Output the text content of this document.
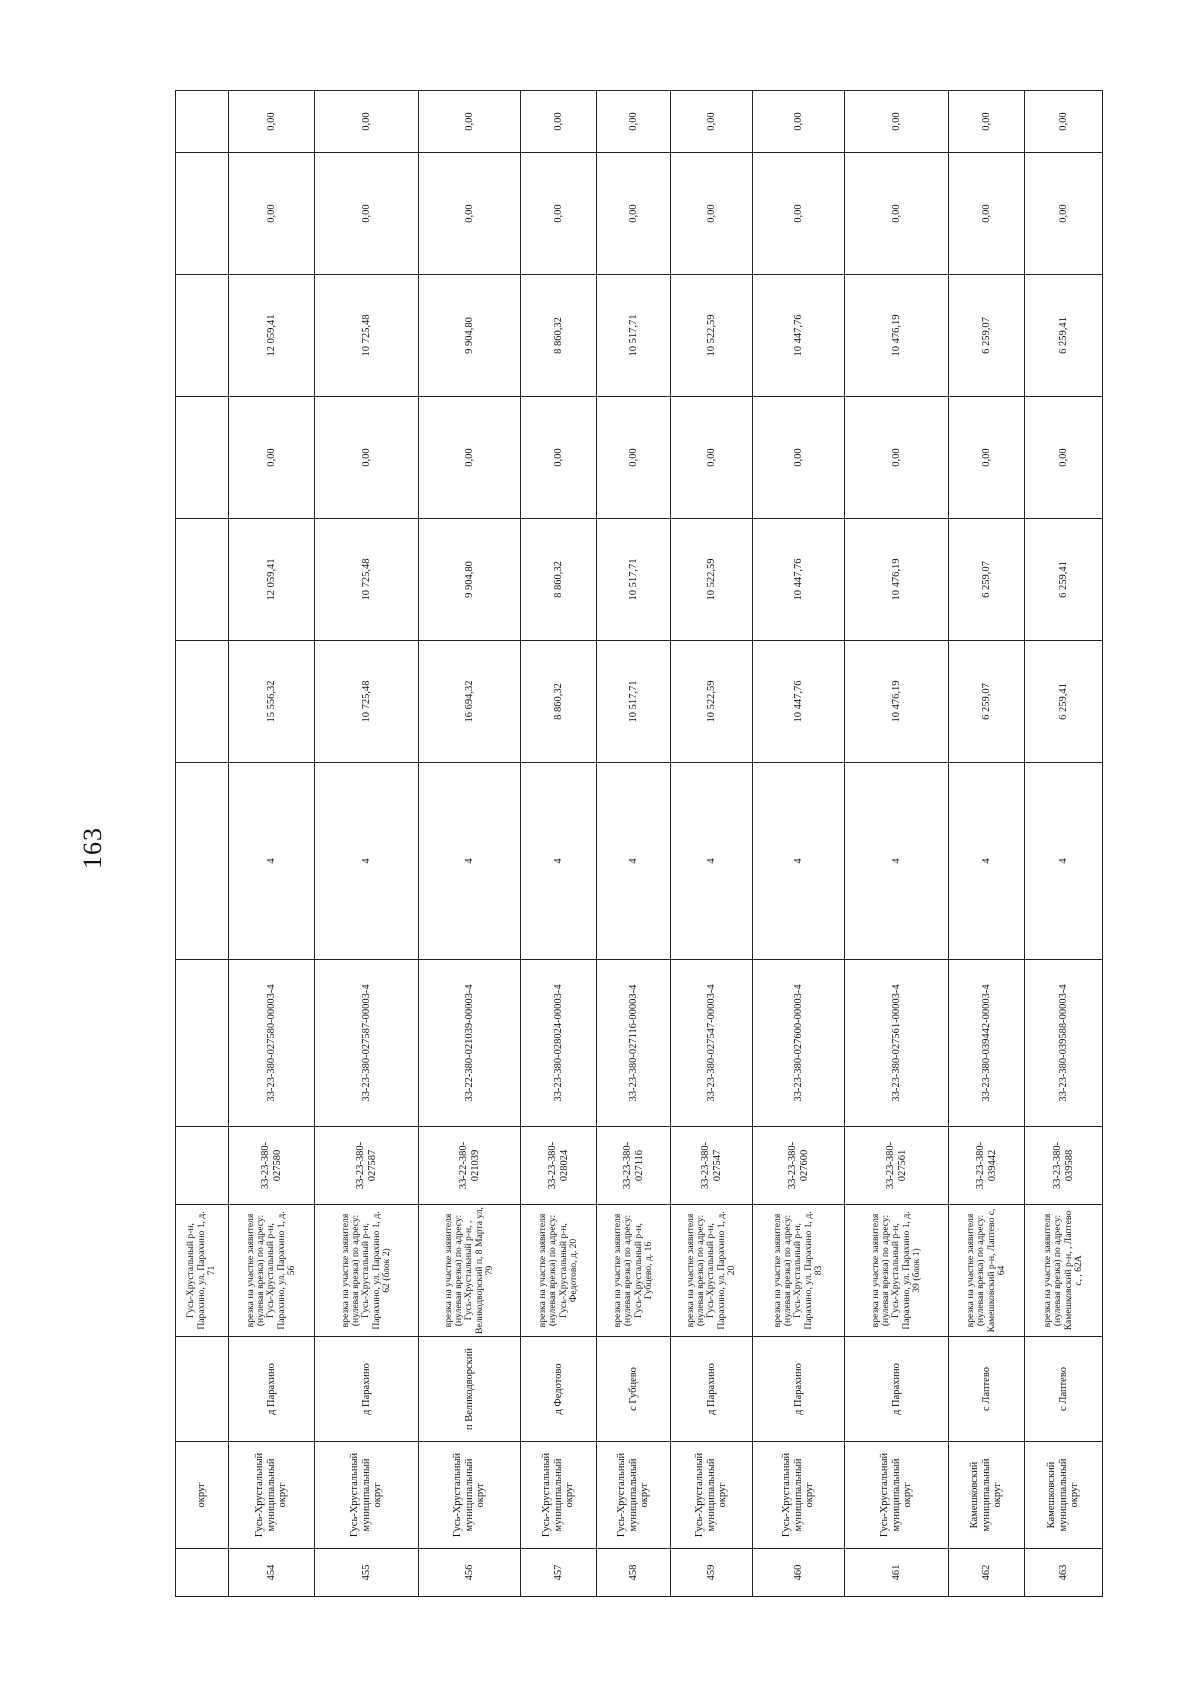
163
округ
Гусь-Хрустальный р-н, Парахино, ул. Парахино 1, д. 71
454
Гусь-Хрустальный муниципальный округ
д Парахино
врезка на участке заявителя (нулевая врезка) по адресу: Гусь-Хрустальный р-н, Парахино, ул. Парахино 1, д. 56
33-23-380-027580
33-23-380-027580-00003-4
4
15 556,32
12 059,41
0,00
12 059,41
0,00
0,00
455
Гусь-Хрустальный муниципальный округ
д Парахино
врезка на участке заявителя (нулевая врезка) по адресу: Гусь-Хрустальный р-н, Парахино, ул. Парахино 1, д. 62 (блок 2)
33-23-380-027587
33-23-380-027587-00003-4
4
10 725,48
10 725,48
0,00
10 725,48
0,00
0,00
456
Гусь-Хрустальный муниципальный округ
п Великодворский
врезка на участке заявителя (нулевая врезка) по адресу: Гусь-Хрустальный р-н, , Великодворский п, 8 Марта ул, 79
33-22-380-021039
33-22-380-021039-00003-4
4
16 694,32
9 904,80
0,00
9 904,80
0,00
0,00
457
Гусь-Хрустальный муниципальный округ
д Федотово
врезка на участке заявителя (нулевая врезка) по адресу: Гусь-Хрустальный р-н, Федотово, д. 20
33-23-380-028024
33-23-380-028024-00003-4
4
8 860,32
8 860,32
0,00
8 860,32
0,00
0,00
458
Гусь-Хрустальный муниципальный округ
с Губцево
врезка на участке заявителя (нулевая врезка) по адресу: Гусь-Хрустальный р-н, Губцево, д. 16
33-23-380-027116
33-23-380-027116-00003-4
4
10 517,71
10 517,71
0,00
10 517,71
0,00
0,00
459
Гусь-Хрустальный муниципальный округ
д Парахино
врезка на участке заявителя (нулевая врезка) по адресу: Гусь-Хрустальный р-н, Парахино, ул. Парахино 1, д. 20
33-23-380-027547
33-23-380-027547-00003-4
4
10 522,59
10 522,59
0,00
10 522,59
0,00
0,00
460
Гусь-Хрустальный муниципальный округ
д Парахино
врезка на участке заявителя (нулевая врезка) по адресу: Гусь-Хрустальный р-н, Парахино, ул. Парахино 1, д. 83
33-23-380-027600
33-23-380-027600-00003-4
4
10 447,76
10 447,76
0,00
10 447,76
0,00
0,00
461
Гусь-Хрустальный муниципальный округ
д Парахино
врезка на участке заявителя (нулевая врезка) по адресу: Гусь-Хрустальный р-н, Парахино, ул. Парахино 1, д. 39 (блок 1)
33-23-380-027561
33-23-380-027561-00003-4
4
10 476,19
10 476,19
0,00
10 476,19
0,00
0,00
462
Камешковский муниципальный округ
с Лаптево
врезка на участке заявителя (нулевая врезка) по адресу: Камешковский р-н, Лаптево с, 64
33-23-380-039442
33-23-380-039442-00003-4
4
6 259,07
6 259,07
0,00
6 259,07
0,00
0,00
463
Камешковский муниципальный округ
с Лаптево
врезка на участке заявителя (нулевая врезка) по адресу: Камешковский р-н, , Лаптево с, , 62А
33-23-380-039588
33-23-380-039588-00003-4
4
6 259,41
6 259,41
0,00
6 259,41
0,00
0,00
